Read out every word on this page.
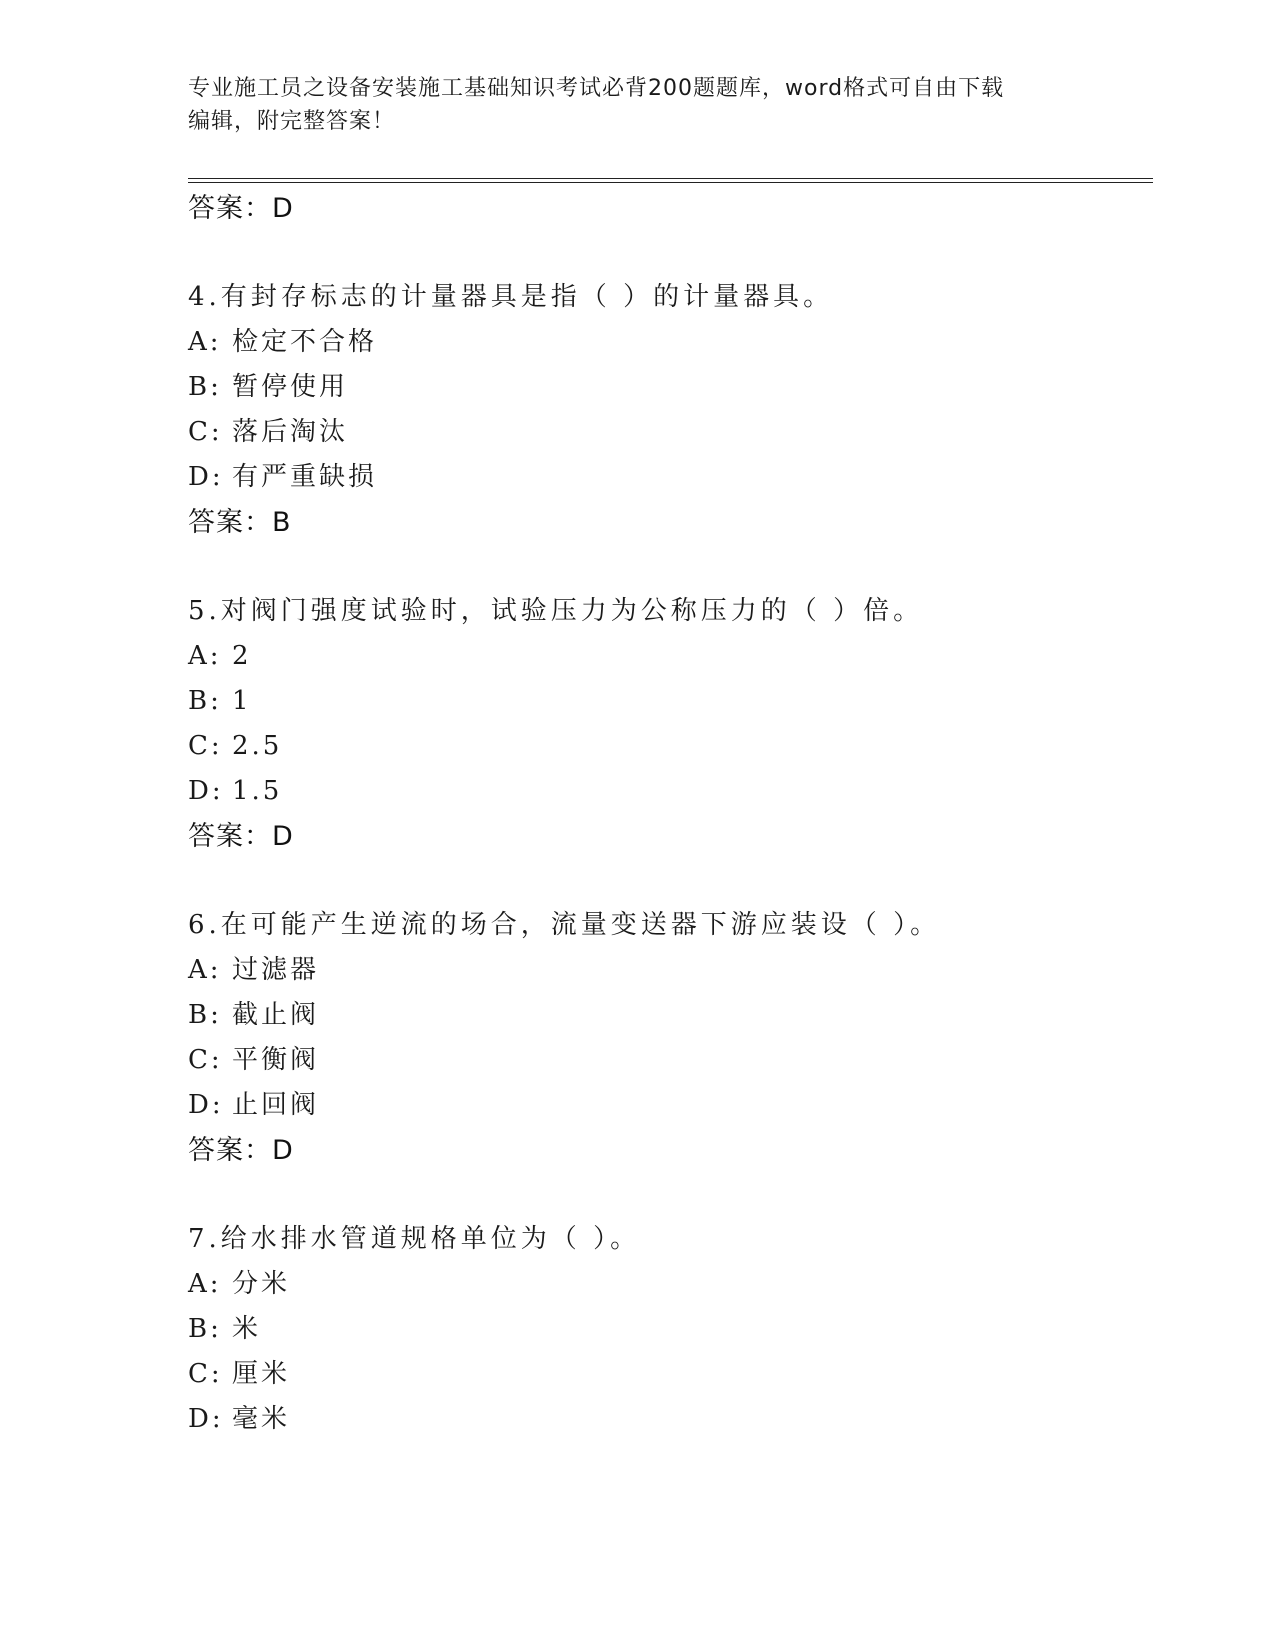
专业施工员之设备安装施工基础知识考试必背200题题库，word格式可自由下载
编辑，附完整答案！
答案：D
4.有封存标志的计量器具是指（ ）的计量器具。
A: 检定不合格
B: 暂停使用
C: 落后淘汰
D: 有严重缺损
答案：B
5.对阀门强度试验时，试验压力为公称压力的（ ）倍。
A: 2
B: 1
C: 2.5
D: 1.5
答案：D
6.在可能产生逆流的场合，流量变送器下游应装设（ ）。
A: 过滤器
B: 截止阀
C: 平衡阀
D: 止回阀
答案：D
7.给水排水管道规格单位为（ ）。
A: 分米
B: 米
C: 厘米
D: 毫米
